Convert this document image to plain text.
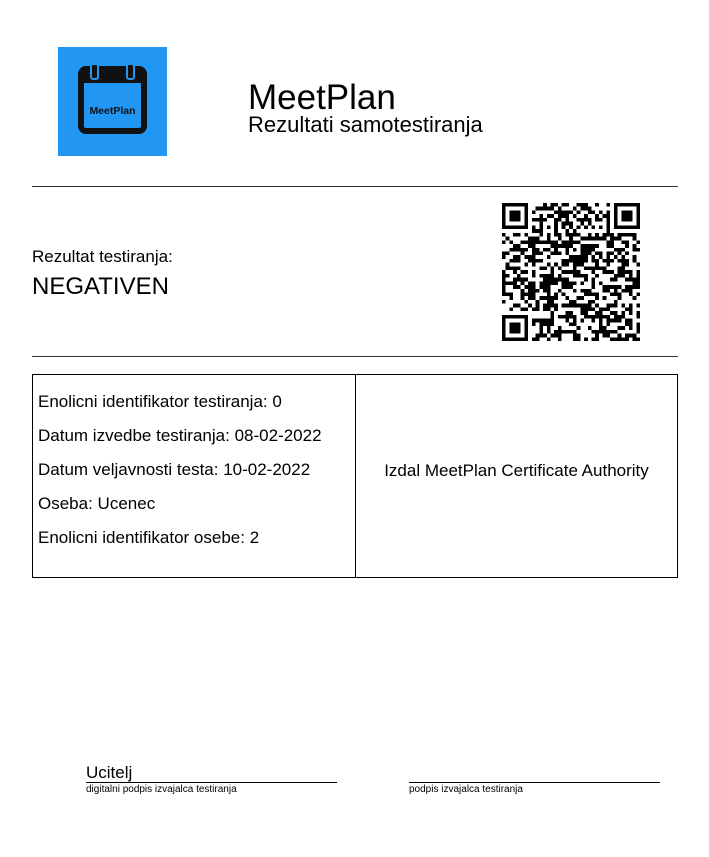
MeetPlan	MeetPlan
Rezultati samotestiranja
Rezultat testiranja:
NEGATIVEN
Enolicni identifikator testiranja: 0
Datum izvedbe testiranja: 08-02-2022
Datum veljavnosti testa: 10-02-2022
Oseba: Ucenec
Enolicni identifikator osebe: 2
Izdal MeetPlan Certificate Authority
Ucitelj
digitalni podpis izvajalca testiranja	podpis izvajalca testiranja
